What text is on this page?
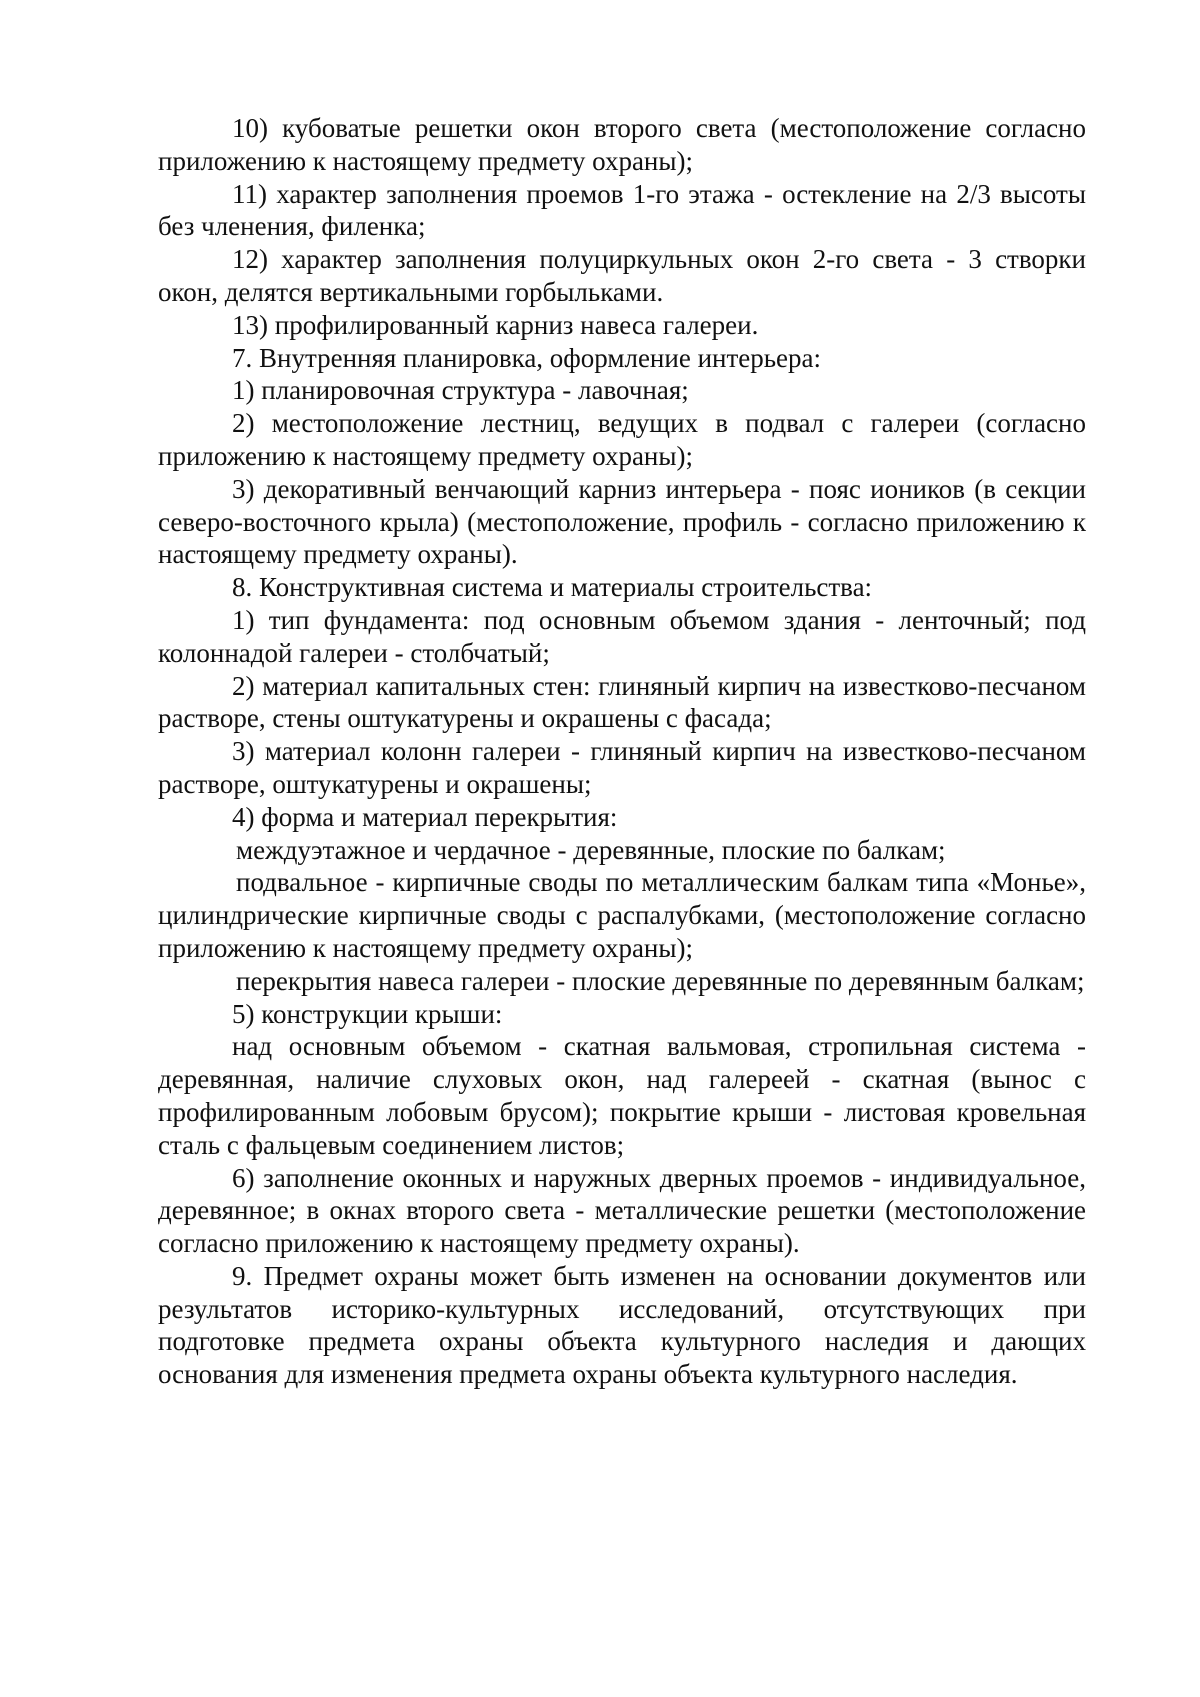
10) кубоватые решетки окон второго света (местоположение согласно приложению к настоящему предмету охраны);

11) характер заполнения проемов 1-го этажа - остекление на 2/3 высоты без членения, филенка;

12) характер заполнения полуциркульных окон 2-го света - 3 створки окон, делятся вертикальными горбыльками.

13) профилированный карниз навеса галереи.

7. Внутренняя планировка, оформление интерьера:

1) планировочная структура - лавочная;

2) местоположение лестниц, ведущих в подвал с галереи (согласно приложению к настоящему предмету охраны);

3) декоративный венчающий карниз интерьера - пояс иоников (в секции северо-восточного крыла) (местоположение, профиль - согласно приложению к настоящему предмету охраны).

8. Конструктивная система и материалы строительства:

1) тип фундамента: под основным объемом здания - ленточный; под колоннадой галереи - столбчатый;

2) материал капитальных стен: глиняный кирпич на известково-песчаном растворе, стены оштукатурены и окрашены с фасада;

3) материал колонн галереи - глиняный кирпич на известково-песчаном растворе, оштукатурены и окрашены;

4) форма и материал перекрытия:

междуэтажное и чердачное - деревянные, плоские по балкам;

подвальное - кирпичные своды по металлическим балкам типа «Монье», цилиндрические кирпичные своды с распалубками, (местоположение согласно приложению к настоящему предмету охраны);

перекрытия навеса галереи - плоские деревянные по деревянным балкам;

5) конструкции крыши:

над основным объемом - скатная вальмовая, стропильная система - деревянная, наличие слуховых окон, над галереей - скатная (вынос с профилированным лобовым брусом); покрытие крыши - листовая кровельная сталь с фальцевым соединением листов;

6) заполнение оконных и наружных дверных проемов - индивидуальное, деревянное; в окнах второго света - металлические решетки (местоположение согласно приложению к настоящему предмету охраны).

9. Предмет охраны может быть изменен на основании документов или результатов историко-культурных исследований, отсутствующих при подготовке предмета охраны объекта культурного наследия и дающих основания для изменения предмета охраны объекта культурного наследия.
